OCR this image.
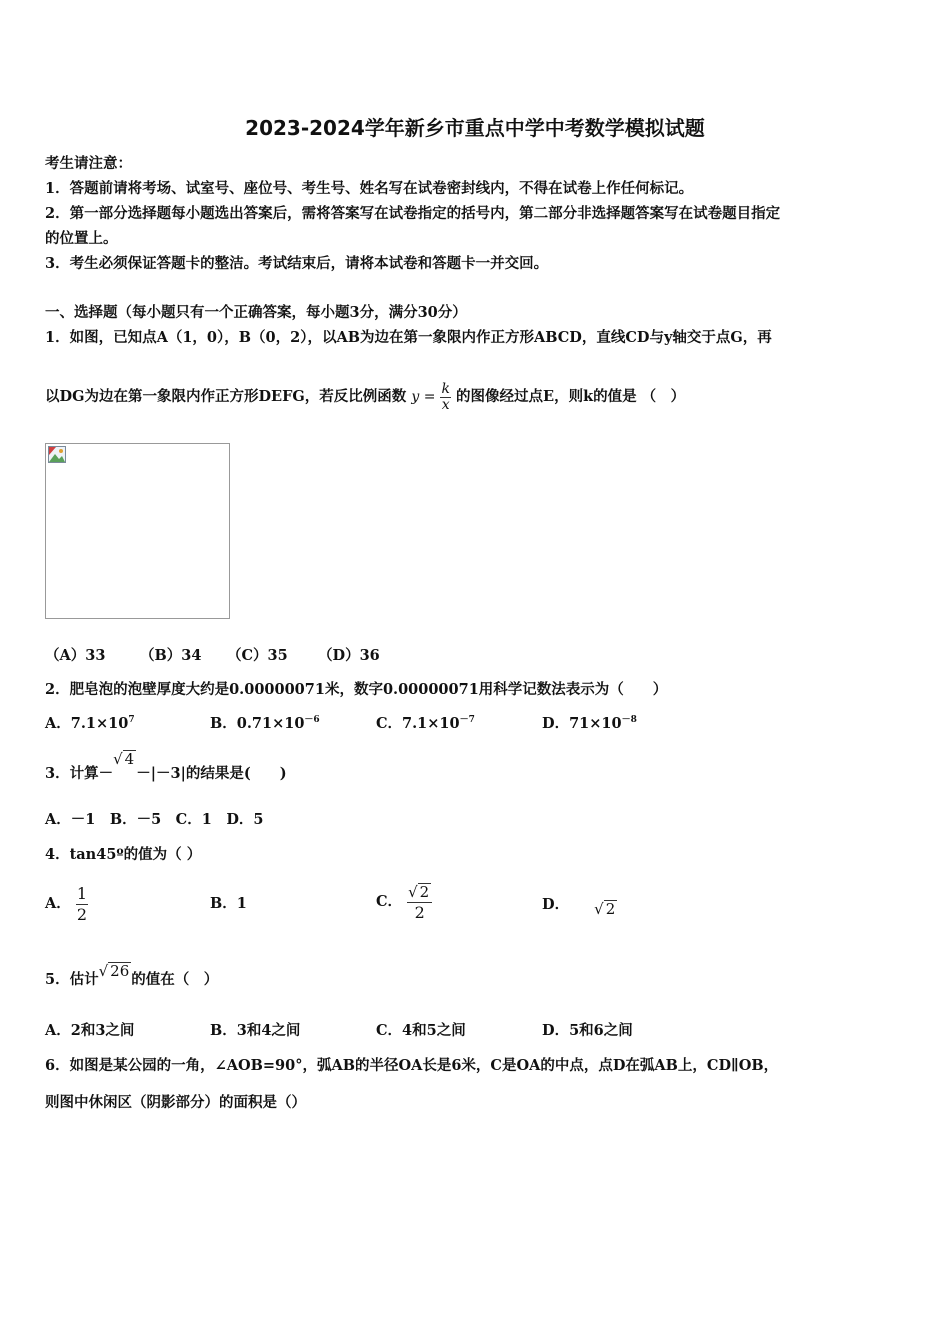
2023-2024学年新乡市重点中学中考数学模拟试题
考生请注意：
1．答题前请将考场、试室号、座位号、考生号、姓名写在试卷密封线内，不得在试卷上作任何标记。
2．第一部分选择题每小题选出答案后，需将答案写在试卷指定的括号内，第二部分非选择题答案写在试卷题目指定
的位置上。
3．考生必须保证答题卡的整洁。考试结束后，请将本试卷和答题卡一并交回。
一、选择题（每小题只有一个正确答案，每小题3分，满分30分）
1．如图，已知点A（1，0），B（0，2），以AB为边在第一象限内作正方形ABCD，直线CD与y轴交于点G，再
以DG为边在第一象限内作正方形DEFG，若反比例函数 $y = \frac{k}{x}$ 的图像经过点E，则k的值是 （　）
（A）33 （B）34 （C）35 （D）36
2．肥皂泡的泡壁厚度大约是0.00000071米，数字0.00000071用科学记数法表示为（　　）
A．$7.1\times 10^7$	B．$0.71\times 10^{-6}$	C．$7.1\times 10^{-7}$	D．$71\times 10^{-8}$
3．计算－√ 4－|－3|的结果是(　　)
A．－1　B．－5　C．1　D．5
4．tan45º的值为（ ）
A． $\frac{1}{2}$	B．1	C． $\frac{√ 2}{2}$	D． √ 2
5．估计√ 26 的值在（　）
A．2和3之间	B．3和4之间	C．4和5之间	D．5和6之间
6．如图是某公园的一角，∠AOB=90°，弧AB的半径OA长是6米，C是OA的中点，点D在弧AB上，CD∥OB，
则图中休闲区（阴影部分）的面积是（）
